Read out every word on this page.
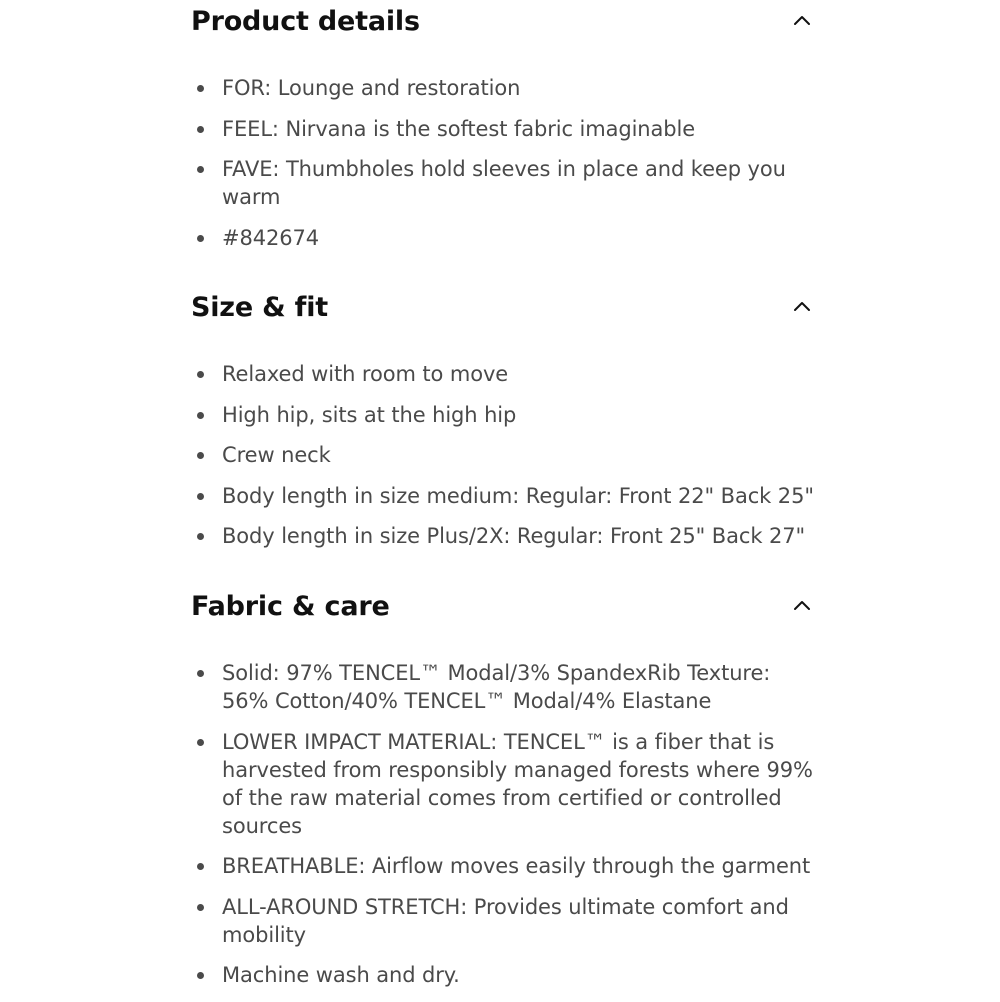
Product details
FOR: Lounge and restoration
FEEL: Nirvana is the softest fabric imaginable
FAVE: Thumbholes hold sleeves in place and keep you warm
#842674
Size & fit
Relaxed with room to move
High hip, sits at the high hip
Crew neck
Body length in size medium: Regular: Front 22" Back 25"
Body length in size Plus/2X: Regular: Front 25" Back 27"
Fabric & care
Solid: 97% TENCEL™ Modal/3% SpandexRib Texture: 56% Cotton/40% TENCEL™ Modal/4% Elastane
LOWER IMPACT MATERIAL: TENCEL™ is a fiber that is harvested from responsibly managed forests where 99% of the raw material comes from certified or controlled sources
BREATHABLE: Airflow moves easily through the garment
ALL-AROUND STRETCH: Provides ultimate comfort and mobility
Machine wash and dry.
